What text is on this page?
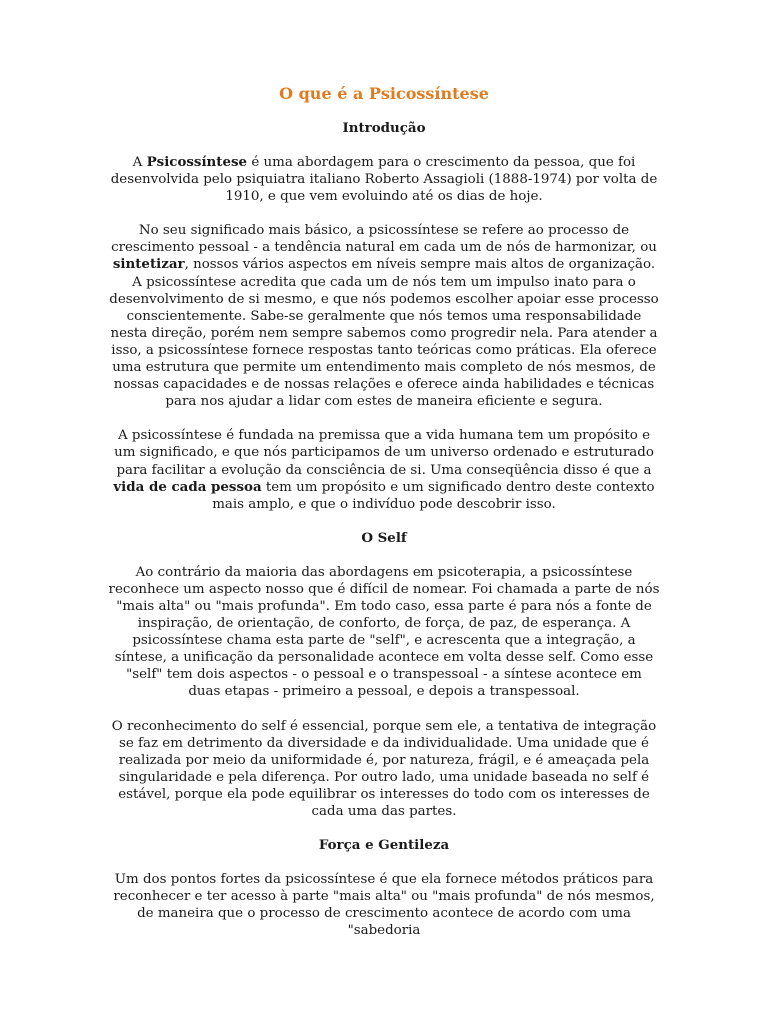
O que é a Psicossíntese
Introdução

A Psicossíntese é uma abordagem para o crescimento da pessoa, que foi desenvolvida pelo psiquiatra italiano Roberto Assagioli (1888-1974) por volta de 1910, e que vem evoluindo até os dias de hoje.

No seu significado mais básico, a psicossíntese se refere ao processo de crescimento pessoal - a tendência natural em cada um de nós de harmonizar, ou sintetizar, nossos vários aspectos em níveis sempre mais altos de organização. A psicossíntese acredita que cada um de nós tem um impulso inato para o desenvolvimento de si mesmo, e que nós podemos escolher apoiar esse processo conscientemente. Sabe-se geralmente que nós temos uma responsabilidade nesta direção, porém nem sempre sabemos como progredir nela. Para atender a isso, a psicossíntese fornece respostas tanto teóricas como práticas. Ela oferece uma estrutura que permite um entendimento mais completo de nós mesmos, de nossas capacidades e de nossas relações e oferece ainda habilidades e técnicas para nos ajudar a lidar com estes de maneira eficiente e segura.

A psicossíntese é fundada na premissa que a vida humana tem um propósito e um significado, e que nós participamos de um universo ordenado e estruturado para facilitar a evolução da consciência de si. Uma conseqüência disso é que a vida de cada pessoa tem um propósito e um significado dentro deste contexto mais amplo, e que o indivíduo pode descobrir isso.

O Self

Ao contrário da maioria das abordagens em psicoterapia, a psicossíntese reconhece um aspecto nosso que é difícil de nomear. Foi chamada a parte de nós "mais alta" ou "mais profunda". Em todo caso, essa parte é para nós a fonte de inspiração, de orientação, de conforto, de força, de paz, de esperança. A psicossíntese chama esta parte de "self", e acrescenta que a integração, a síntese, a unificação da personalidade acontece em volta desse self. Como esse "self" tem dois aspectos - o pessoal e o transpessoal - a síntese acontece em duas etapas - primeiro a pessoal, e depois a transpessoal.

O reconhecimento do self é essencial, porque sem ele, a tentativa de integração se faz em detrimento da diversidade e da individualidade. Uma unidade que é realizada por meio da uniformidade é, por natureza, frágil, e é ameaçada pela singularidade e pela diferença. Por outro lado, uma unidade baseada no self é estável, porque ela pode equilibrar os interesses do todo com os interesses de cada uma das partes.

Força e Gentileza

Um dos pontos fortes da psicossíntese é que ela fornece métodos práticos para reconhecer e ter acesso à parte "mais alta" ou "mais profunda" de nós mesmos, de maneira que o processo de crescimento acontece de acordo com uma "sabedoria
